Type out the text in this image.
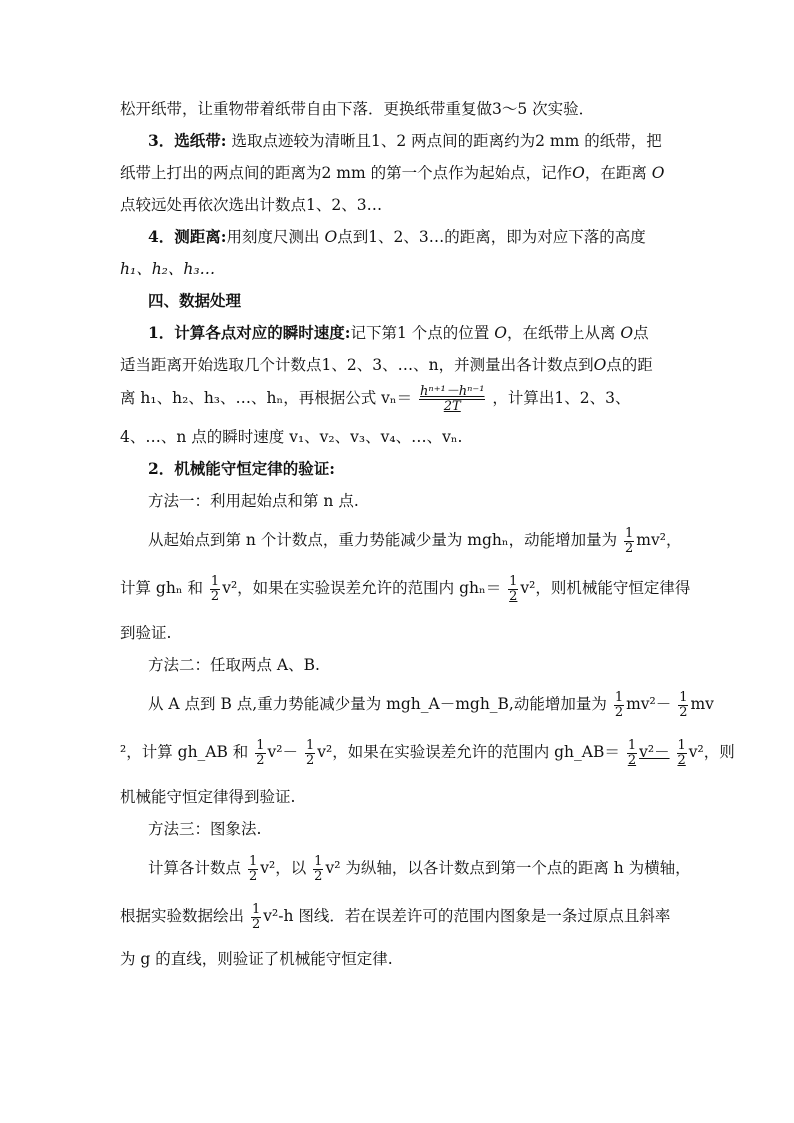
松开纸带，让重物带着纸带自由下落．更换纸带重复做3～5 次实验．
3．选纸带: 选取点迹较为清晰且1、2 两点间的距离约为2 mm 的纸带，把
纸带上打出的两点间的距离为2 mm 的第一个点作为起始点，记作O，在距离 O
点较远处再依次选出计数点1、2、3…
4．测距离:用刻度尺测出 O点到1、2、3…的距离，即为对应下落的高度
h₁、h₂、h₃…
四、数据处理
1．计算各点对应的瞬时速度:记下第1 个点的位置 O，在纸带上从离 O点
适当距离开始选取几个计数点1、2、3、…、n，并测量出各计数点到O点的距
离 h₁、h₂、h₃、…、hₙ，再根据公式 $v_n= \frac{\text{hⁿ⁺¹－hⁿ⁻¹}}{2T}$ ，计算出1、2、3、
4、…、n 点的瞬时速度 v₁、v₂、v₃、v₄、…、vₙ.
2．机械能守恒定律的验证:
方法一：利用起始点和第 n 点.
从起始点到第 n 个计数点，重力势能减少量为 mghₙ，动能增加量为 $\frac{1}{2} mv^2$，
计算 ghₙ 和 $\frac{1}{2} v^2$，如果在实验误差允许的范围内 $gh_n= \frac{1}{2} v^2$，则机械能守恒定律得
到验证.
方法二：任取两点 A、B.
从 A 点到 B 点,重力势能减少量为 mgh_A－mgh_B,动能增加量为 $\frac{1}{2} mv^2- \frac{1}{2}$ mv
²，计算 gh_AB 和 $\frac{1}{2} v^2- \frac{1}{2} v^2$，如果在实验误差允许的范围内 gh_AB＝ $\frac{1}{2} v^2- \frac{1}{2} v^2$，则
机械能守恒定律得到验证.
方法三：图象法.
计算各计数点 $\frac{1}{2} v^2$，以 $\frac{1}{2} v^2$ 为纵轴，以各计数点到第一个点的距离 h 为横轴，
根据实验数据绘出 $\frac{1}{2} v^2-h$ 图线．若在误差许可的范围内图象是一条过原点且斜率
为 g 的直线，则验证了机械能守恒定律.
